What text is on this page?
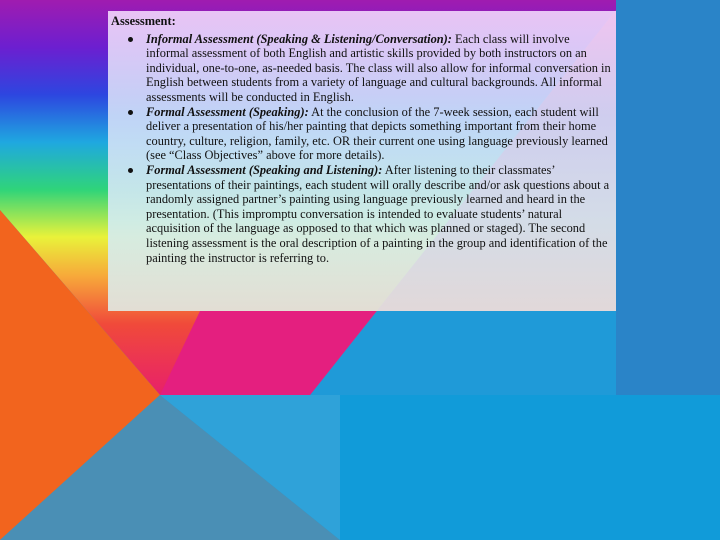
Assessment:
Informal Assessment (Speaking & Listening/Conversation): Each class will involve informal assessment of both English and artistic skills provided by both instructors on an individual, one-to-one, as-needed basis. The class will also allow for informal conversation in English between students from a variety of language and cultural backgrounds. All informal assessments will be conducted in English.
Formal Assessment (Speaking): At the conclusion of the 7-week session, each student will deliver a presentation of his/her painting that depicts something important from their home country, culture, religion, family, etc. OR their current one using language previously learned (see “Class Objectives” above for more details).
Formal Assessment (Speaking and Listening): After listening to their classmates’ presentations of their paintings, each student will orally describe and/or ask questions about a randomly assigned partner’s painting using language previously learned and heard in the presentation. (This impromptu conversation is intended to evaluate students’ natural acquisition of the language as opposed to that which was planned or staged). The second listening assessment is the oral description of a painting in the group and identification of the painting the instructor is referring to.
